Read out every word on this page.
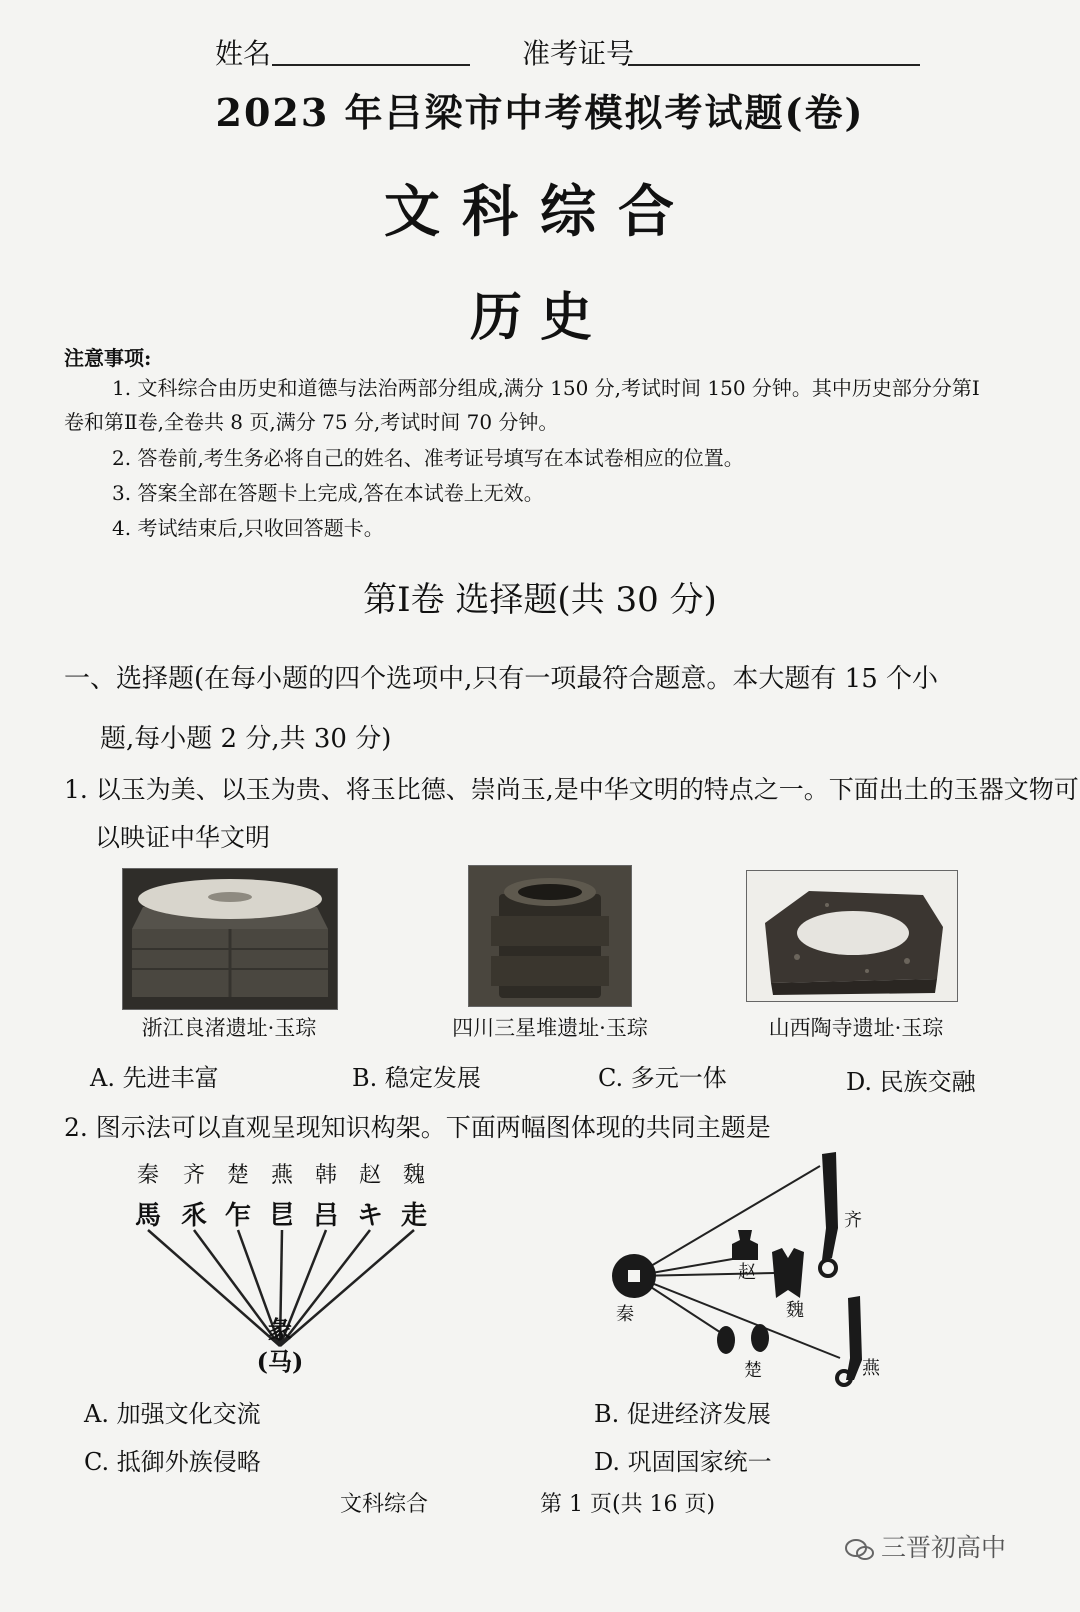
姓名	准考证号
2023 年吕梁市中考模拟考试题(卷)
文科综合
历史
注意事项:
1. 文科综合由历史和道德与法治两部分组成,满分 150 分,考试时间 150 分钟。其中历史部分分第Ⅰ
卷和第Ⅱ卷,全卷共 8 页,满分 75 分,考试时间 70 分钟。
2. 答卷前,考生务必将自己的姓名、准考证号填写在本试卷相应的位置。
3. 答案全部在答题卡上完成,答在本试卷上无效。
4. 考试结束后,只收回答题卡。
第Ⅰ卷 选择题(共 30 分)
一、选择题(在每小题的四个选项中,只有一项最符合题意。本大题有 15 个小
题,每小题 2 分,共 30 分)
1. 以玉为美、以玉为贵、将玉比德、崇尚玉,是中华文明的特点之一。下面出土的玉器文物可
以映证中华文明
浙江良渚遗址·玉琮	四川三星堆遗址·玉琮	山西陶寺遗址·玉琮
A. 先进丰富	B. 稳定发展	C. 多元一体	D. 民族交融
2. 图示法可以直观呈现知识构架。下面两幅图体现的共同主题是
秦 齐 楚 燕 韩 赵 魏
馬 乑 乍 㫐 吕 キ 走
彖
(马)
秦
齐
赵
魏
楚	燕
A. 加强文化交流	B. 促进经济发展
C. 抵御外族侵略	D. 巩固国家统一
文科综合	第 1 页(共 16 页)
三晋初高中
